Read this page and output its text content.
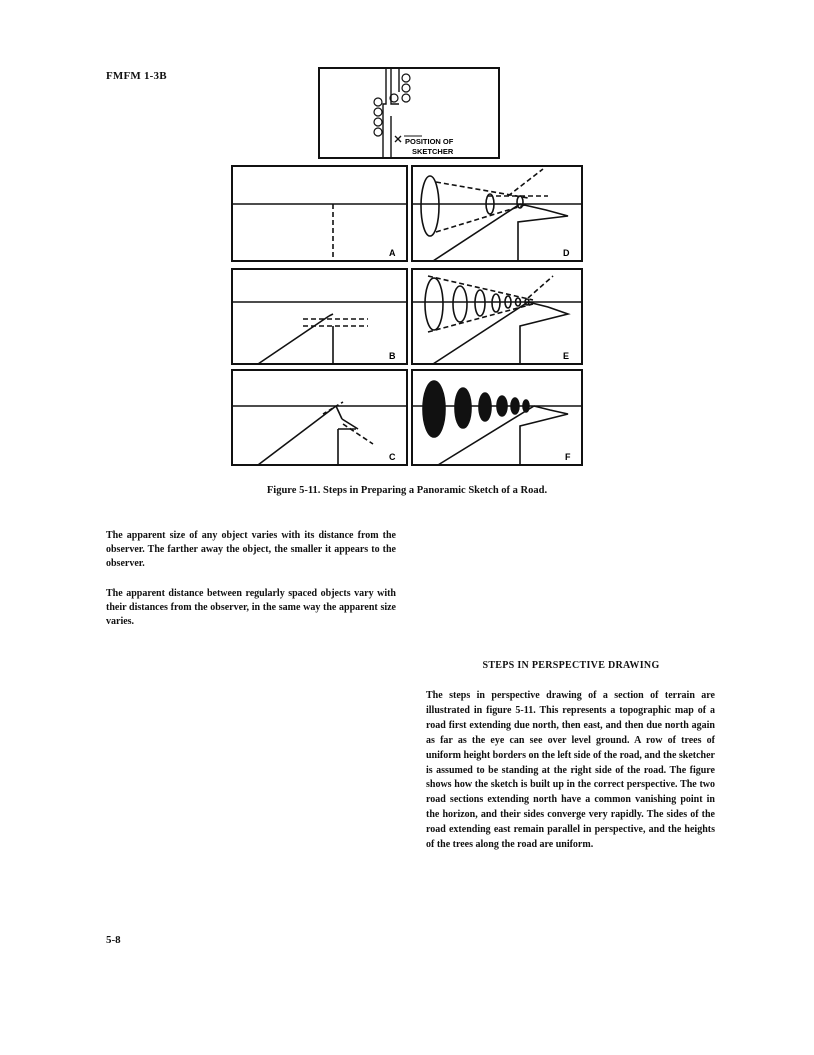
FMFM 1-3B
POSITION OF
SKETCHER
A
B
C
D
E
F
Figure 5-11. Steps in Preparing a Panoramic Sketch of a Road.
The apparent size of any object varies with its distance from the observer. The farther away the object, the smaller it appears to the observer.
The apparent distance between regularly spaced objects vary with their distances from the observer, in the same way the apparent size varies.
STEPS IN PERSPECTIVE DRAWING
The steps in perspective drawing of a section of terrain are illustrated in figure 5-11. This represents a topographic map of a road first extending due north, then east, and then due north again as far as the eye can see over level ground. A row of trees of uniform height borders on the left side of the road, and the sketcher is assumed to be standing at the right side of the road. The figure shows how the sketch is built up in the correct perspective. The two road sections extending north have a common vanishing point in the horizon, and their sides converge very rapidly. The sides of the road extending east remain parallel in perspective, and the heights of the trees along the road are uniform.
5-8
